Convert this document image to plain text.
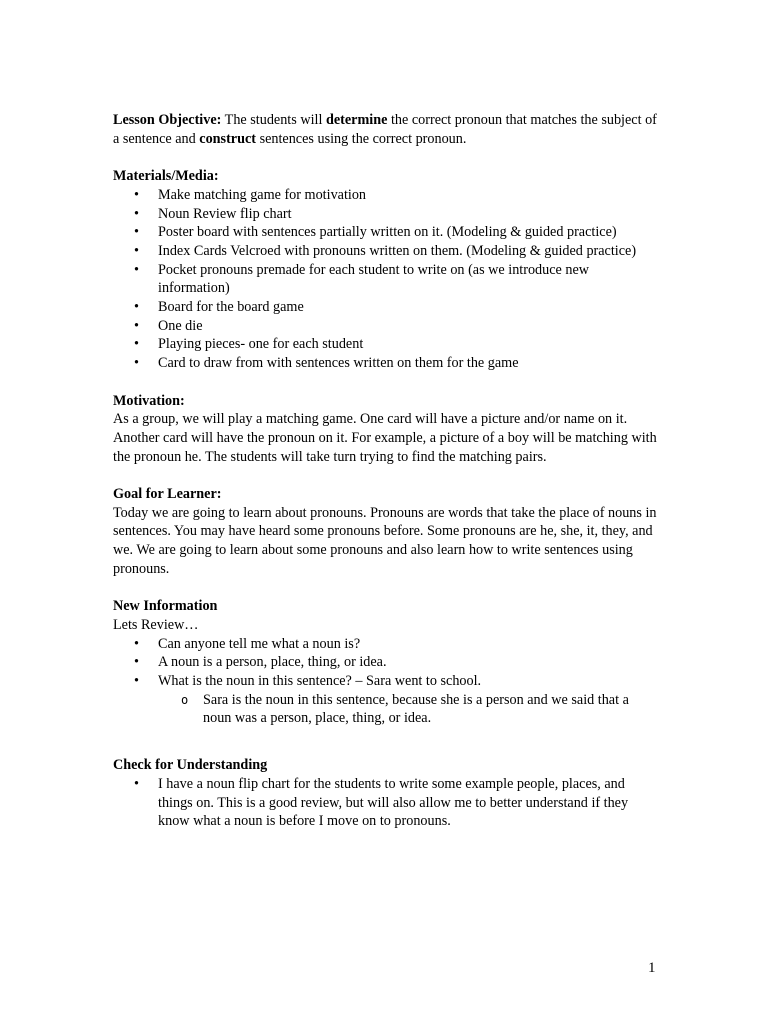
Lesson Objective: The students will determine the correct pronoun that matches the subject of a sentence and construct sentences using the correct pronoun.

Materials/Media:
• Make matching game for motivation
• Noun Review flip chart
• Poster board with sentences partially written on it. (Modeling & guided practice)
• Index Cards Velcroed with pronouns written on them. (Modeling & guided practice)
• Pocket pronouns premade for each student to write on (as we introduce new information)
• Board for the board game
• One die
• Playing pieces- one for each student
• Card to draw from with sentences written on them for the game
Motivation:

As a group, we will play a matching game. One card will have a picture and/or name on it. Another card will have the pronoun on it. For example, a picture of a boy will be matching with the pronoun he. The students will take turn trying to find the matching pairs.

Goal for Learner:

Today we are going to learn about pronouns. Pronouns are words that take the place of nouns in sentences. You may have heard some pronouns before. Some pronouns are he, she, it, they, and we. We are going to learn about some pronouns and also learn how to write sentences using pronouns.

New Information
Lets Review…
• Can anyone tell me what a noun is?
• A noun is a person, place, thing, or idea.
• What is the noun in this sentence? – Sara went to school.
o Sara is the noun in this sentence, because she is a person and we said that a noun was a person, place, thing, or idea.
Check for Understanding
• I have a noun flip chart for the students to write some example people, places, and things on. This is a good review, but will also allow me to better understand if they know what a noun is before I move on to pronouns.
1
